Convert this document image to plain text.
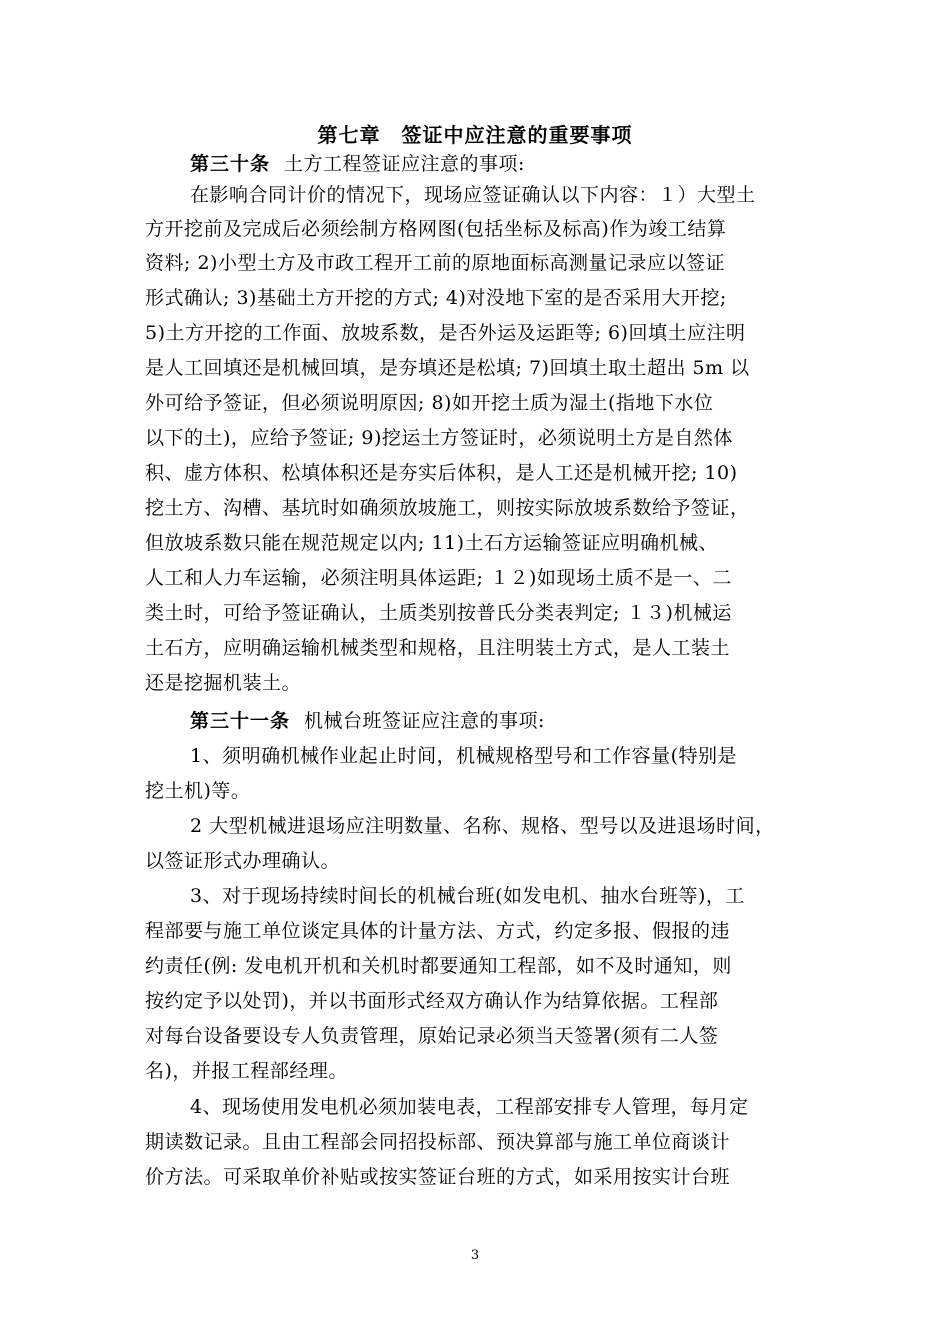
第七章　签证中应注意的重要事项
第三十条 土方工程签证应注意的事项:
在影响合同计价的情况下，现场应签证确认以下内容：１）大型土
方开挖前及完成后必须绘制方格网图(包括坐标及标高)作为竣工结算
资料; 2)小型土方及市政工程开工前的原地面标高测量记录应以签证
形式确认; 3)基础土方开挖的方式; 4)对没地下室的是否采用大开挖;
5)土方开挖的工作面、放坡系数，是否外运及运距等; 6)回填土应注明
是人工回填还是机械回填，是夯填还是松填; 7)回填土取土超出 5m 以
外可给予签证，但必须说明原因; 8)如开挖土质为湿土(指地下水位
以下的土)，应给予签证; 9)挖运土方签证时，必须说明土方是自然体
积、虚方体积、松填体积还是夯实后体积，是人工还是机械开挖; 10)
挖土方、沟槽、基坑时如确须放坡施工，则按实际放坡系数给予签证，
但放坡系数只能在规范规定以内; 11)土石方运输签证应明确机械、
人工和人力车运输，必须注明具体运距; １２)如现场土质不是一、二
类土时，可给予签证确认，土质类别按普氏分类表判定; １３)机械运
土石方，应明确运输机械类型和规格，且注明装土方式，是人工装土
还是挖掘机装土。
第三十一条 机械台班签证应注意的事项:
1、须明确机械作业起止时间，机械规格型号和工作容量(特别是
挖土机)等。
2 大型机械进退场应注明数量、名称、规格、型号以及进退场时间，
以签证形式办理确认。
3、对于现场持续时间长的机械台班(如发电机、抽水台班等)，工
程部要与施工单位谈定具体的计量方法、方式，约定多报、假报的违
约责任(例: 发电机开机和关机时都要通知工程部，如不及时通知，则
按约定予以处罚)，并以书面形式经双方确认作为结算依据。工程部
对每台设备要设专人负责管理，原始记录必须当天签署(须有二人签
名)，并报工程部经理。
4、现场使用发电机必须加装电表，工程部安排专人管理，每月定
期读数记录。且由工程部会同招投标部、预决算部与施工单位商谈计
价方法。可采取单价补贴或按实签证台班的方式，如采用按实计台班
3
